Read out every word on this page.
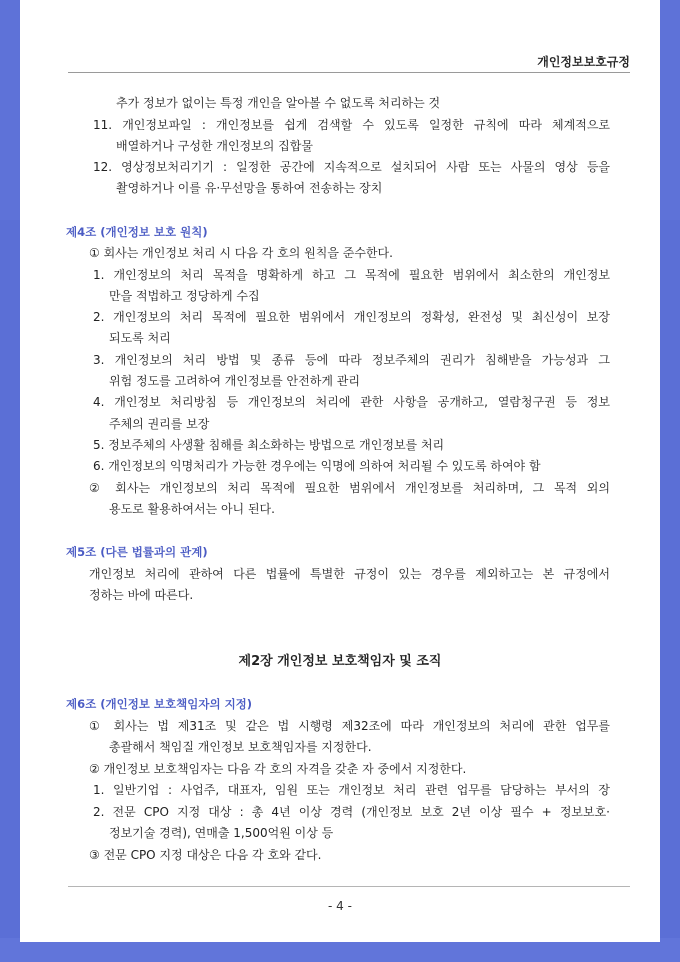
개인정보보호규정
추가 정보가 없이는 특정 개인을 알아볼 수 없도록 처리하는 것
11. 개인정보파일 : 개인정보를 쉽게 검색할 수 있도록 일정한 규칙에 따라 체계적으로
배열하거나 구성한 개인정보의 집합물
12. 영상정보처리기기 : 일정한 공간에 지속적으로 설치되어 사람 또는 사물의 영상 등을
촬영하거나 이를 유·무선망을 통하여 전송하는 장치
제4조 (개인정보 보호 원칙)
① 회사는 개인정보 처리 시 다음 각 호의 원칙을 준수한다.
1. 개인정보의 처리 목적을 명확하게 하고 그 목적에 필요한 범위에서 최소한의 개인정보
만을 적법하고 정당하게 수집
2. 개인정보의 처리 목적에 필요한 범위에서 개인정보의 정확성, 완전성 및 최신성이 보장
되도록 처리
3. 개인정보의 처리 방법 및 종류 등에 따라 정보주체의 권리가 침해받을 가능성과 그
위험 정도를 고려하여 개인정보를 안전하게 관리
4. 개인정보 처리방침 등 개인정보의 처리에 관한 사항을 공개하고, 열람청구권 등 정보
주체의 권리를 보장
5. 정보주체의 사생활 침해를 최소화하는 방법으로 개인정보를 처리
6. 개인정보의 익명처리가 가능한 경우에는 익명에 의하여 처리될 수 있도록 하여야 함
② 회사는 개인정보의 처리 목적에 필요한 범위에서 개인정보를 처리하며, 그 목적 외의
용도로 활용하여서는 아니 된다.
제5조 (다른 법률과의 관계)
개인정보 처리에 관하여 다른 법률에 특별한 규정이 있는 경우를 제외하고는 본 규정에서
정하는 바에 따른다.
제2장 개인정보 보호책임자 및 조직
제6조 (개인정보 보호책임자의 지정)
① 회사는 법 제31조 및 같은 법 시행령 제32조에 따라 개인정보의 처리에 관한 업무를
총괄해서 책임질 개인정보 보호책임자를 지정한다.
② 개인정보 보호책임자는 다음 각 호의 자격을 갖춘 자 중에서 지정한다.
1. 일반기업 : 사업주, 대표자, 임원 또는 개인정보 처리 관련 업무를 담당하는 부서의 장
2. 전문 CPO 지정 대상 : 총 4년 이상 경력 (개인정보 보호 2년 이상 필수 + 정보보호·
정보기술 경력), 연매출 1,500억원 이상 등
③ 전문 CPO 지정 대상은 다음 각 호와 같다.
- 4 -
